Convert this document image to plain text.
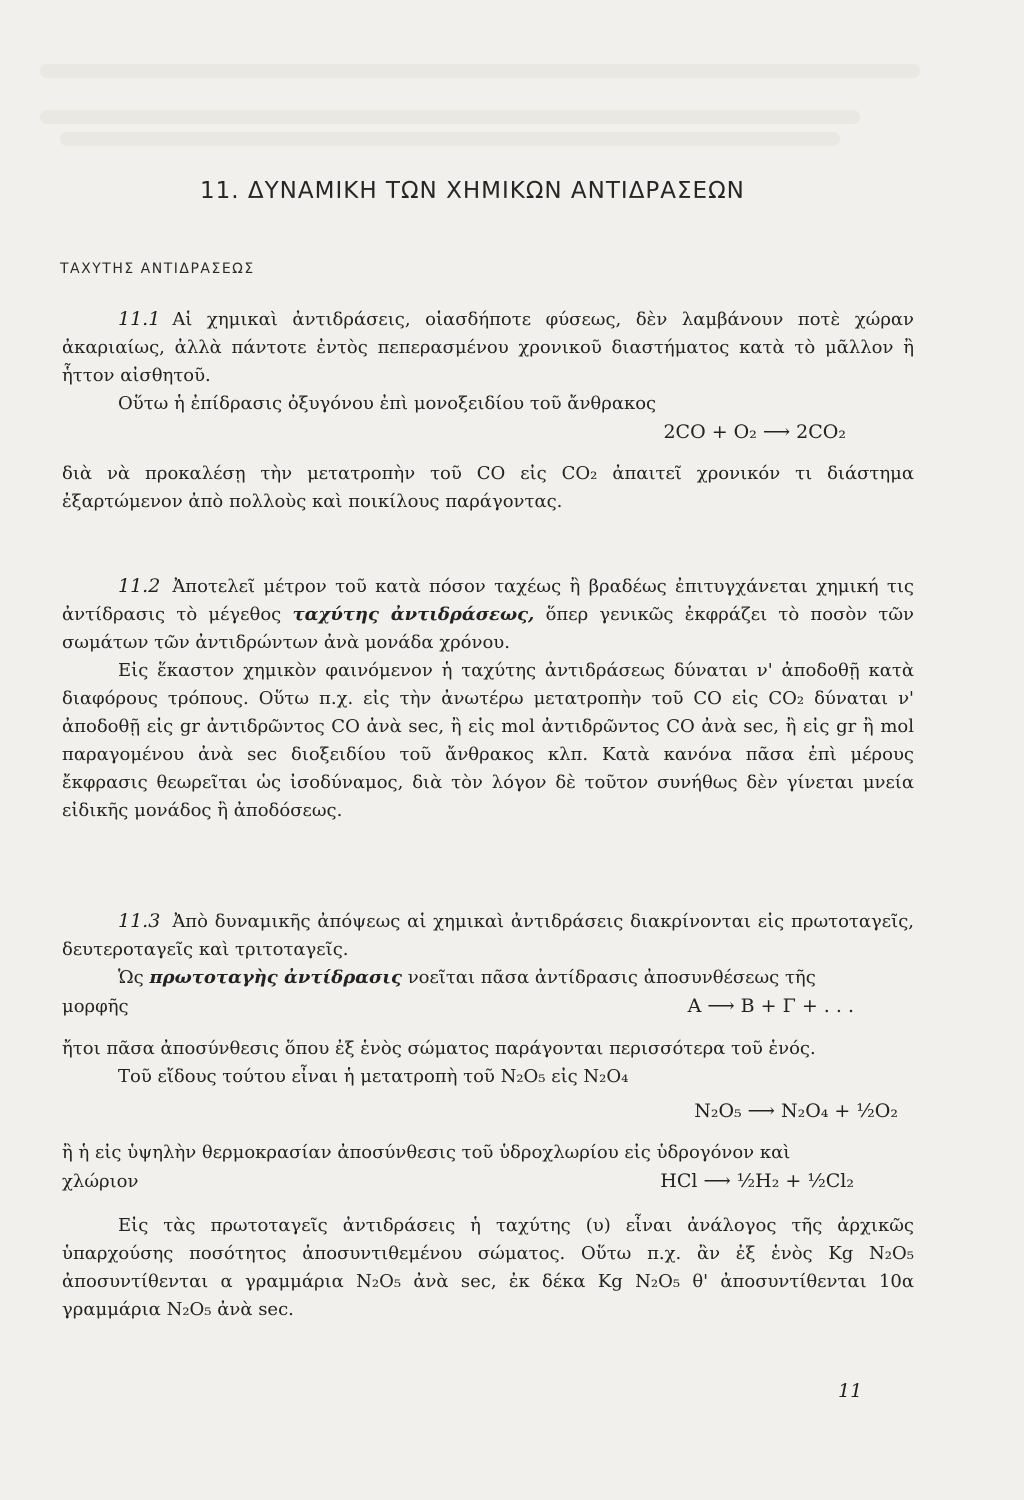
11. ΔΥΝΑΜΙΚΗ ΤΩΝ ΧΗΜΙΚΩΝ ΑΝΤΙΔΡΑΣΕΩΝ
ΤΑΧΥΤΗΣ ΑΝΤΙΔΡΑΣΕΩΣ

11.1 Αἱ χημικαὶ ἀντιδράσεις, οἱασδήποτε φύσεως, δὲν λαμβάνουν ποτὲ χώραν ἀκαριαίως, ἀλλὰ πάντοτε ἐντὸς πεπερασμένου χρονικοῦ διαστήματος κατὰ τὸ μᾶλλον ἢ ἧττον αἰσθητοῦ.

Οὕτω ἡ ἐπίδρασις ὀξυγόνου ἐπὶ μονοξειδίου τοῦ ἄνθρακος

2CO + O₂ ⟶ 2CO₂

διὰ νὰ προκαλέσῃ τὴν μετατροπὴν τοῦ CO εἰς CO₂ ἀπαιτεῖ χρονικόν τι διάστημα ἐξαρτώμενον ἀπὸ πολλοὺς καὶ ποικίλους παράγοντας.

11.2 Ἀποτελεῖ μέτρον τοῦ κατὰ πόσον ταχέως ἢ βραδέως ἐπιτυγχάνεται χημική τις ἀντίδρασις τὸ μέγεθος ταχύτης ἀντιδράσεως, ὅπερ γενικῶς ἐκφράζει τὸ ποσὸν τῶν σωμάτων τῶν ἀντιδρώντων ἀνὰ μονάδα χρόνου.

Εἰς ἕκαστον χημικὸν φαινόμενον ἡ ταχύτης ἀντιδράσεως δύναται ν' ἀποδοθῇ κατὰ διαφόρους τρόπους. Οὕτω π.χ. εἰς τὴν ἀνωτέρω μετατροπὴν τοῦ CO εἰς CO₂ δύναται ν' ἀποδοθῇ εἰς gr ἀντιδρῶντος CO ἀνὰ sec, ἢ εἰς mol ἀντιδρῶντος CO ἀνὰ sec, ἢ εἰς gr ἢ mol παραγομένου ἀνὰ sec διοξειδίου τοῦ ἄνθρακος κλπ. Κατὰ κανόνα πᾶσα ἐπὶ μέρους ἔκφρασις θεωρεῖται ὡς ἰσοδύναμος, διὰ τὸν λόγον δὲ τοῦτον συνήθως δὲν γίνεται μνεία εἰδικῆς μονάδος ἢ ἀποδόσεως.

11.3 Ἀπὸ δυναμικῆς ἀπόψεως αἱ χημικαὶ ἀντιδράσεις διακρίνονται εἰς πρωτοταγεῖς, δευτεροταγεῖς καὶ τριτοταγεῖς.

Ὡς πρωτοταγὴς ἀντίδρασις νοεῖται πᾶσα ἀντίδρασις ἀποσυνθέσεως τῆς

μορφῆς	A ⟶ B + Γ + . . .

ἤτοι πᾶσα ἀποσύνθεσις ὅπου ἐξ ἑνὸς σώματος παράγονται περισσότερα τοῦ ἑνός.

Τοῦ εἴδους τούτου εἶναι ἡ μετατροπὴ τοῦ N₂O₅ εἰς N₂O₄

N₂O₅ ⟶ N₂O₄ + ½O₂

ἢ ἡ εἰς ὑψηλὴν θερμοκρασίαν ἀποσύνθεσις τοῦ ὑδροχλωρίου εἰς ὑδρογόνον καὶ

χλώριον	HCl ⟶ ½H₂ + ½Cl₂

Εἰς τὰς πρωτοταγεῖς ἀντιδράσεις ἡ ταχύτης (υ) εἶναι ἀνάλογος τῆς ἀρχικῶς ὑπαρχούσης ποσότητος ἀποσυντιθεμένου σώματος. Οὕτω π.χ. ἂν ἐξ ἑνὸς Kg N₂O₅ ἀποσυντίθενται α γραμμάρια N₂O₅ ἀνὰ sec, ἐκ δέκα Kg N₂O₅ θ' ἀποσυντίθενται 10α γραμμάρια N₂O₅ ἀνὰ sec.

11
